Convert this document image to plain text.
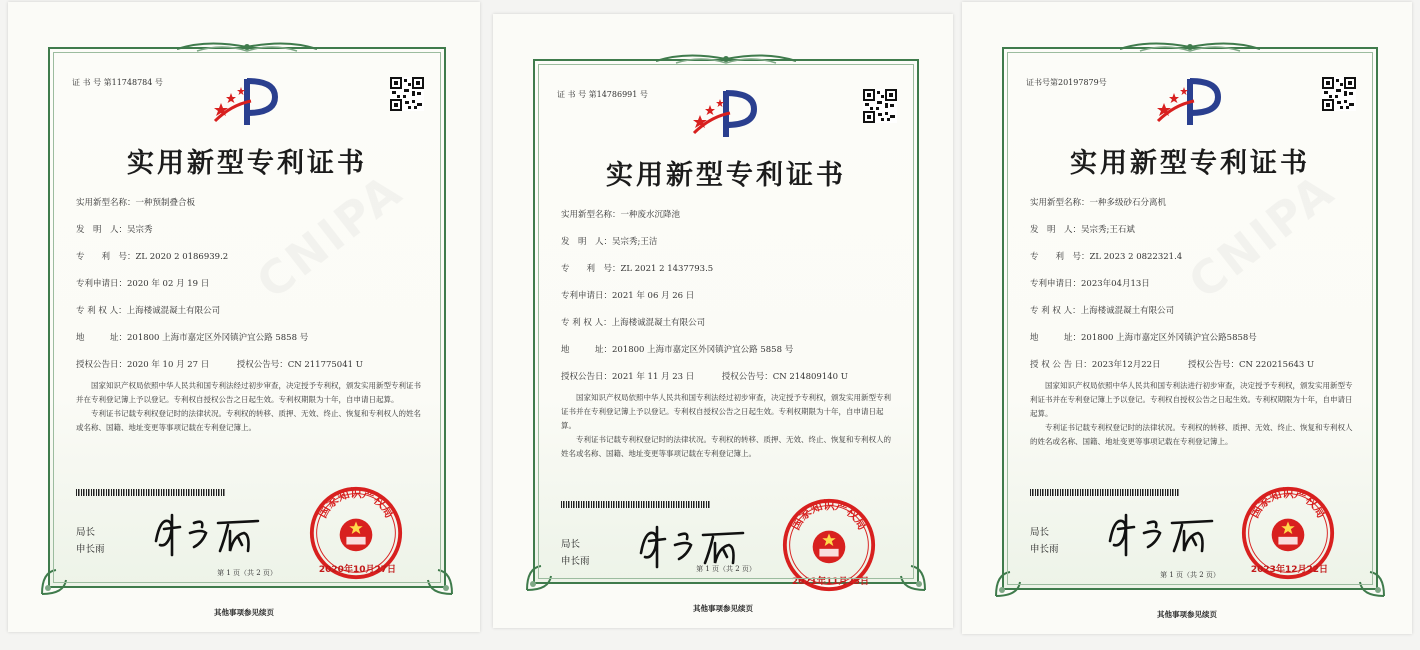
证 书 号 第11748784 号
实用新型专利证书
实用新型名称：一种预制叠合板
发　明　人：吴宗秀
专　　利　号：ZL 2020 2 0186939.2
专利申请日：2020 年 02 月 19 日
专 利 权 人：上海楼诚混凝土有限公司
地　　　址：201800 上海市嘉定区外冈镇沪宜公路 5858 号
授权公告日：2020 年 10 月 27 日	授权公告号：CN 211775041 U

国家知识产权局依照中华人民共和国专利法经过初步审查，决定授予专利权，颁发实用新型专利证书并在专利登记簿上予以登记。专利权自授权公告之日起生效。专利权期限为十年，自申请日起算。

专利证书记载专利权登记时的法律状况。专利权的转移、质押、无效、终止、恢复和专利权人的姓名或名称、国籍、地址变更等事项记载在专利登记簿上。

局长
申长雨
国家知识产权局
2020年10月27日
第 1 页（共 2 页）
其他事项参见续页
证 书 号 第14786991 号
实用新型专利证书
实用新型名称：一种废水沉降池
发　明　人：吴宗秀;王洁
专　　利　号：ZL 2021 2 1437793.5
专利申请日：2021 年 06 月 26 日
专 利 权 人：上海楼诚混凝土有限公司
地　　　址：201800 上海市嘉定区外冈镇沪宜公路 5858 号
授权公告日：2021 年 11 月 23 日	授权公告号：CN 214809140 U

国家知识产权局依照中华人民共和国专利法经过初步审查，决定授予专利权，颁发实用新型专利证书并在专利登记簿上予以登记。专利权自授权公告之日起生效。专利权期限为十年，自申请日起算。

专利证书记载专利权登记时的法律状况。专利权的转移、质押、无效、终止、恢复和专利权人的姓名或名称、国籍、地址变更等事项记载在专利登记簿上。

局长
申长雨
国家知识产权局
2021年11月23日
第 1 页（共 2 页）
其他事项参见续页
证书号第20197879号
实用新型专利证书
实用新型名称：一种多级砂石分离机
发　明　人：吴宗秀;王石斌
专　　利　号：ZL 2023 2 0822321.4
专利申请日：2023年04月13日
专 利 权 人：上海楼诚混凝土有限公司
地　　　址：201800 上海市嘉定区外冈镇沪宜公路5858号
授 权 公 告 日：2023年12月22日	授权公告号：CN 220215643 U

国家知识产权局依照中华人民共和国专利法进行初步审查，决定授予专利权，颁发实用新型专利证书并在专利登记簿上予以登记。专利权自授权公告之日起生效。专利权期限为十年，自申请日起算。

专利证书记载专利权登记时的法律状况。专利权的转移、质押、无效、终止、恢复和专利权人的姓名或名称、国籍、地址变更等事项记载在专利登记簿上。

局长
申长雨
国家知识产权局
2023年12月22日
第 1 页（共 2 页）
其他事项参见续页
